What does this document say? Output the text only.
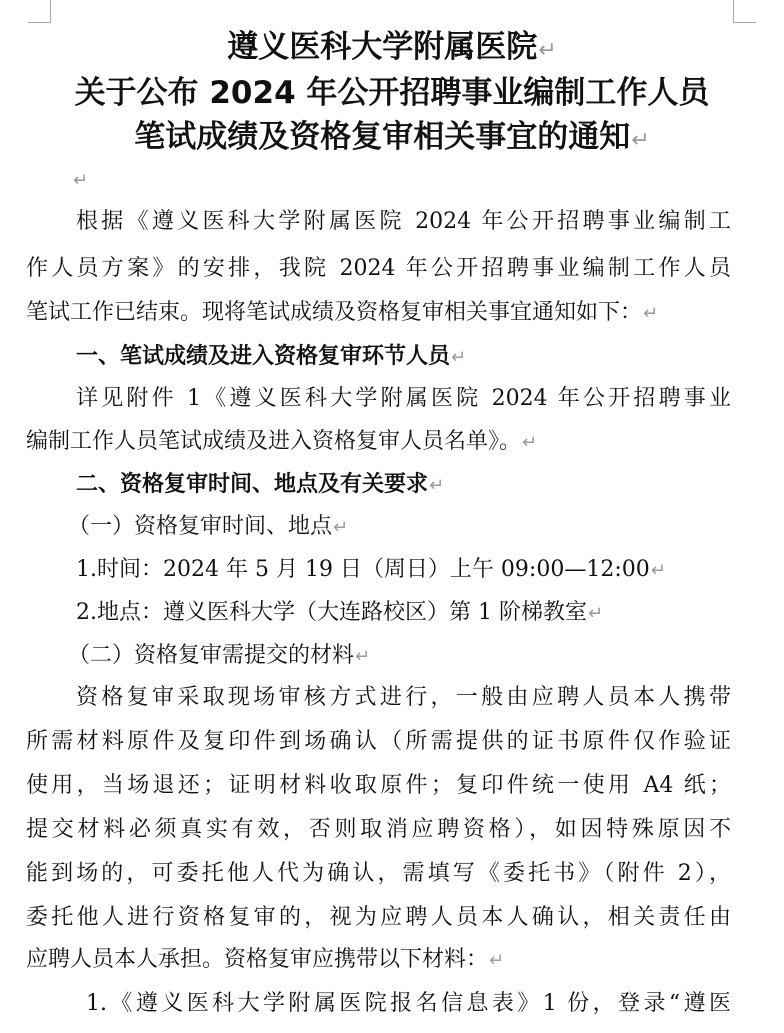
遵义医科大学附属医院↵
关于公布 2024 年公开招聘事业编制工作人员
笔试成绩及资格复审相关事宜的通知↵
↵
根据《遵义医科大学附属医院 2024 年公开招聘事业编制工
作人员方案》的安排，我院 2024 年公开招聘事业编制工作人员
笔试工作已结束。现将笔试成绩及资格复审相关事宜通知如下：↵
一、笔试成绩及进入资格复审环节人员↵
详见附件 1《遵义医科大学附属医院 2024 年公开招聘事业
编制工作人员笔试成绩及进入资格复审人员名单》。↵
二、资格复审时间、地点及有关要求↵
（一）资格复审时间、地点↵
1.时间：2024 年 5 月 19 日（周日）上午 09:00—12:00↵
2.地点：遵义医科大学（大连路校区）第 1 阶梯教室↵
（二）资格复审需提交的材料↵
资格复审采取现场审核方式进行，一般由应聘人员本人携带
所需材料原件及复印件到场确认（所需提供的证书原件仅作验证
使用，当场退还；证明材料收取原件；复印件统一使用 A4 纸；
提交材料必须真实有效，否则取消应聘资格），如因特殊原因不
能到场的，可委托他人代为确认，需填写《委托书》（附件 2），
委托他人进行资格复审的，视为应聘人员本人确认，相关责任由
应聘人员本人承担。资格复审应携带以下材料：↵
1.《遵义医科大学附属医院报名信息表》1 份，登录“遵医
